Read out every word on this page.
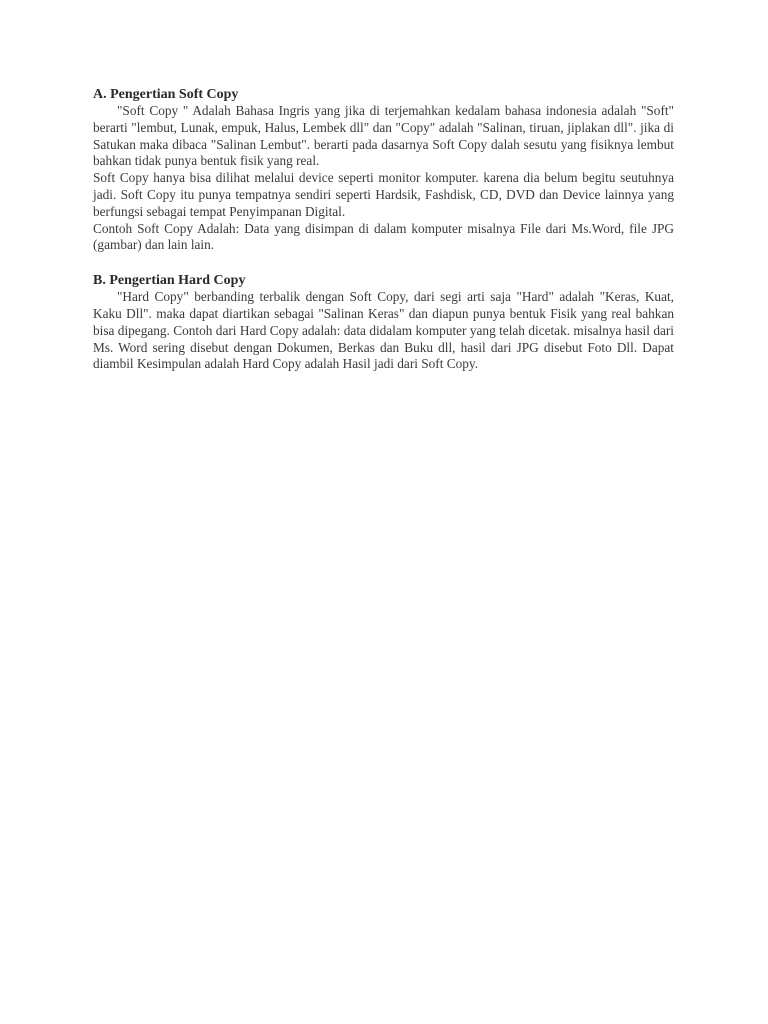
A. Pengertian Soft Copy

"Soft Copy " Adalah Bahasa Ingris yang jika di terjemahkan kedalam bahasa indonesia adalah "Soft" berarti "lembut, Lunak, empuk, Halus, Lembek dll" dan "Copy" adalah "Salinan, tiruan, jiplakan dll". jika di Satukan maka dibaca "Salinan Lembut". berarti pada dasarnya Soft Copy dalah sesutu yang fisiknya lembut bahkan tidak punya bentuk fisik yang real.

Soft Copy hanya bisa dilihat melalui device seperti monitor komputer. karena dia belum begitu seutuhnya jadi. Soft Copy itu punya tempatnya sendiri seperti Hardsik, Fashdisk, CD, DVD dan Device lainnya yang berfungsi sebagai tempat Penyimpanan Digital.

Contoh Soft Copy Adalah: Data yang disimpan di dalam komputer misalnya File dari Ms.Word, file JPG (gambar) dan lain lain.

B. Pengertian Hard Copy

"Hard Copy" berbanding terbalik dengan Soft Copy, dari segi arti saja "Hard" adalah "Keras, Kuat, Kaku Dll". maka dapat diartikan sebagai "Salinan Keras" dan diapun punya bentuk Fisik yang real bahkan bisa dipegang. Contoh dari Hard Copy adalah: data didalam komputer yang telah dicetak. misalnya hasil dari Ms. Word sering disebut dengan Dokumen, Berkas dan Buku dll, hasil dari JPG disebut Foto Dll. Dapat diambil Kesimpulan adalah Hard Copy adalah Hasil jadi dari Soft Copy.
